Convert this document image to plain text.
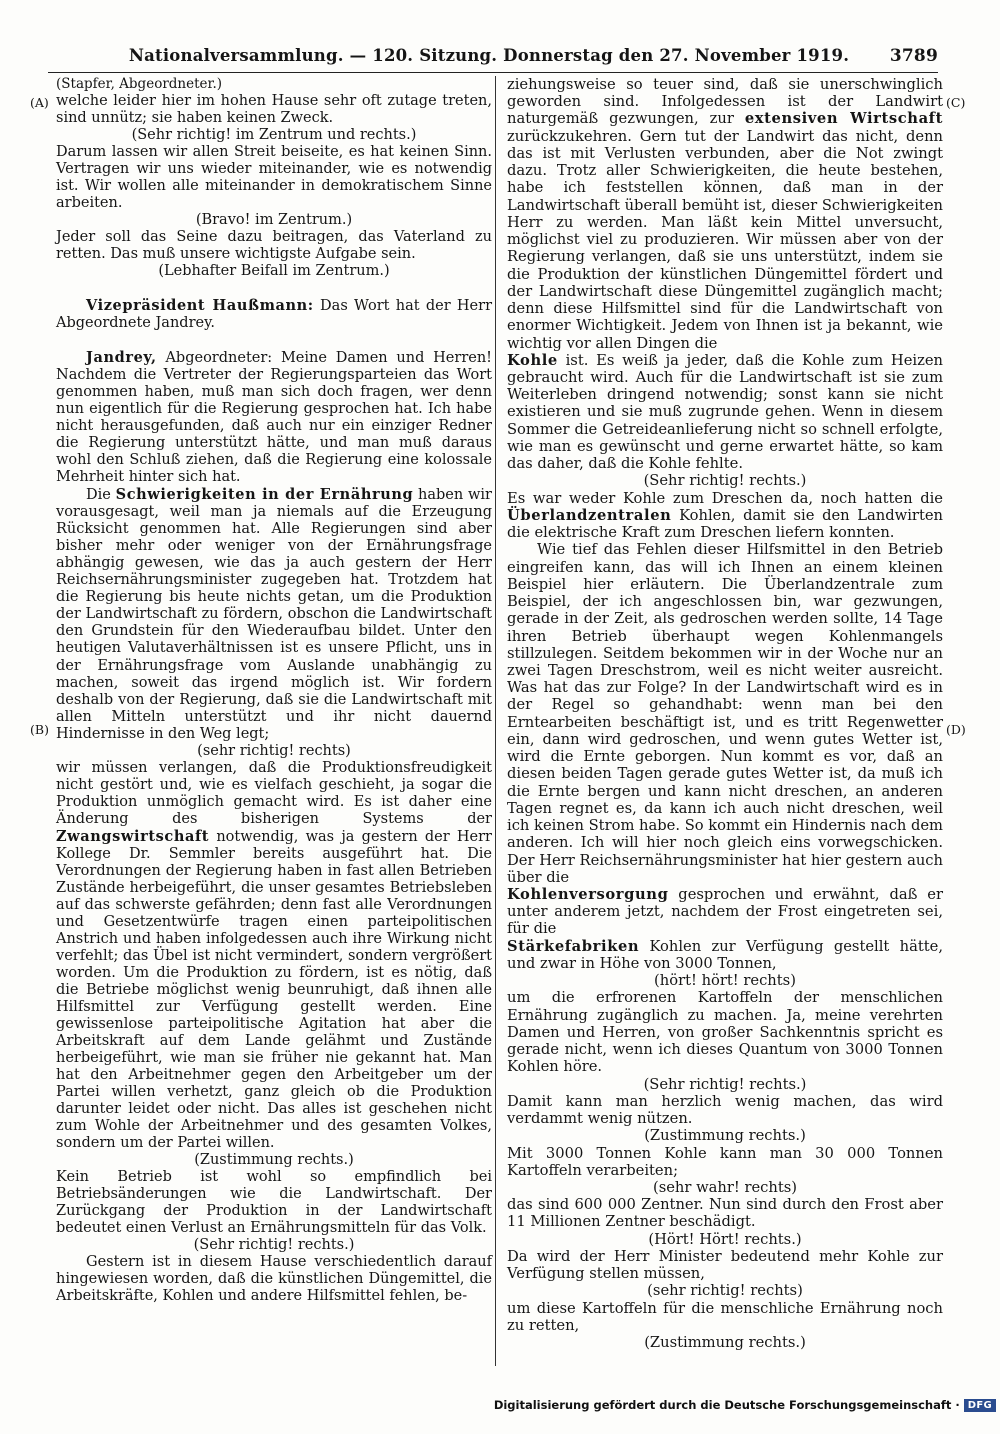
Nationalversammlung. — 120. Sitzung. Donnerstag den 27. November 1919. 3789
(A)
(B)
(C)
(D)

(Stapfer, Abgeordneter.)

welche leider hier im hohen Hause sehr oft zutage treten, sind unnütz; sie haben keinen Zweck.

(Sehr richtig! im Zentrum und rechts.)

Darum lassen wir allen Streit beiseite, es hat keinen Sinn. Vertragen wir uns wieder miteinander, wie es notwendig ist. Wir wollen alle miteinander in demokratischem Sinne arbeiten.

(Bravo! im Zentrum.)

Jeder soll das Seine dazu beitragen, das Vaterland zu retten. Das muß unsere wichtigste Aufgabe sein.

(Lebhafter Beifall im Zentrum.)

Vizepräsident Haußmann: Das Wort hat der Herr Abgeordnete Jandrey.

Jandrey, Abgeordneter: Meine Damen und Herren! Nachdem die Vertreter der Regierungsparteien das Wort genommen haben, muß man sich doch fragen, wer denn nun eigentlich für die Regierung gesprochen hat. Ich habe nicht herausgefunden, daß auch nur ein einziger Redner die Regierung unterstützt hätte, und man muß daraus wohl den Schluß ziehen, daß die Regierung eine kolossale Mehrheit hinter sich hat.

Die Schwierigkeiten in der Ernährung haben wir vorausgesagt, weil man ja niemals auf die Erzeugung Rücksicht genommen hat. Alle Regierungen sind aber bisher mehr oder weniger von der Ernährungsfrage abhängig gewesen, wie das ja auch gestern der Herr Reichsernährungsminister zugegeben hat. Trotzdem hat die Regierung bis heute nichts getan, um die Produktion der Landwirtschaft zu fördern, obschon die Landwirtschaft den Grundstein für den Wiederaufbau bildet. Unter den heutigen Valutaverhältnissen ist es unsere Pflicht, uns in der Ernährungsfrage vom Auslande unabhängig zu machen, soweit das irgend möglich ist. Wir fordern deshalb von der Regierung, daß sie die Landwirtschaft mit allen Mitteln unterstützt und ihr nicht dauernd Hindernisse in den Weg legt;

(sehr richtig! rechts)

wir müssen verlangen, daß die Produktionsfreudigkeit nicht gestört und, wie es vielfach geschieht, ja sogar die Produktion unmöglich gemacht wird. Es ist daher eine Änderung des bisherigen Systems der Zwangswirtschaft notwendig, was ja gestern der Herr Kollege Dr. Semmler bereits ausgeführt hat. Die Verordnungen der Regierung haben in fast allen Betrieben Zustände herbeigeführt, die unser gesamtes Betriebsleben auf das schwerste gefährden; denn fast alle Verordnungen und Gesetzentwürfe tragen einen parteipolitischen Anstrich und haben infolgedessen auch ihre Wirkung nicht verfehlt; das Übel ist nicht vermindert, sondern vergrößert worden. Um die Produktion zu fördern, ist es nötig, daß die Betriebe möglichst wenig beunruhigt, daß ihnen alle Hilfsmittel zur Verfügung gestellt werden. Eine gewissenlose parteipolitische Agitation hat aber die Arbeitskraft auf dem Lande gelähmt und Zustände herbeigeführt, wie man sie früher nie gekannt hat. Man hat den Arbeitnehmer gegen den Arbeitgeber um der Partei willen verhetzt, ganz gleich ob die Produktion darunter leidet oder nicht. Das alles ist geschehen nicht zum Wohle der Arbeitnehmer und des gesamten Volkes, sondern um der Partei willen.

(Zustimmung rechts.)

Kein Betrieb ist wohl so empfindlich bei Betriebsänderungen wie die Landwirtschaft. Der Zurückgang der Produktion in der Landwirtschaft bedeutet einen Verlust an Ernährungsmitteln für das Volk.

(Sehr richtig! rechts.)

Gestern ist in diesem Hause verschiedentlich darauf hingewiesen worden, daß die künstlichen Düngemittel, die Arbeitskräfte, Kohlen und andere Hilfsmittel fehlen, be-

ziehungsweise so teuer sind, daß sie unerschwinglich geworden sind. Infolgedessen ist der Landwirt naturgemäß gezwungen, zur extensiven Wirtschaft zurückzukehren. Gern tut der Landwirt das nicht, denn das ist mit Verlusten verbunden, aber die Not zwingt dazu. Trotz aller Schwierigkeiten, die heute bestehen, habe ich feststellen können, daß man in der Landwirtschaft überall bemüht ist, dieser Schwierigkeiten Herr zu werden. Man läßt kein Mittel unversucht, möglichst viel zu produzieren. Wir müssen aber von der Regierung verlangen, daß sie uns unterstützt, indem sie die Produktion der künstlichen Düngemittel fördert und der Landwirtschaft diese Düngemittel zugänglich macht; denn diese Hilfsmittel sind für die Landwirtschaft von enormer Wichtigkeit. Jedem von Ihnen ist ja bekannt, wie wichtig vor allen Dingen die

Kohle ist. Es weiß ja jeder, daß die Kohle zum Heizen gebraucht wird. Auch für die Landwirtschaft ist sie zum Weiterleben dringend notwendig; sonst kann sie nicht existieren und sie muß zugrunde gehen. Wenn in diesem Sommer die Getreideanlieferung nicht so schnell erfolgte, wie man es gewünscht und gerne erwartet hätte, so kam das daher, daß die Kohle fehlte.

(Sehr richtig! rechts.)

Es war weder Kohle zum Dreschen da, noch hatten die Überlandzentralen Kohlen, damit sie den Landwirten die elektrische Kraft zum Dreschen liefern konnten.

Wie tief das Fehlen dieser Hilfsmittel in den Betrieb eingreifen kann, das will ich Ihnen an einem kleinen Beispiel hier erläutern. Die Überlandzentrale zum Beispiel, der ich angeschlossen bin, war gezwungen, gerade in der Zeit, als gedroschen werden sollte, 14 Tage ihren Betrieb überhaupt wegen Kohlenmangels stillzulegen. Seitdem bekommen wir in der Woche nur an zwei Tagen Dreschstrom, weil es nicht weiter ausreicht. Was hat das zur Folge? In der Landwirtschaft wird es in der Regel so gehandhabt: wenn man bei den Erntearbeiten beschäftigt ist, und es tritt Regenwetter ein, dann wird gedroschen, und wenn gutes Wetter ist, wird die Ernte geborgen. Nun kommt es vor, daß an diesen beiden Tagen gerade gutes Wetter ist, da muß ich die Ernte bergen und kann nicht dreschen, an anderen Tagen regnet es, da kann ich auch nicht dreschen, weil ich keinen Strom habe. So kommt ein Hindernis nach dem anderen. Ich will hier noch gleich eins vorwegschicken. Der Herr Reichsernährungsminister hat hier gestern auch über die

Kohlenversorgung gesprochen und erwähnt, daß er unter anderem jetzt, nachdem der Frost eingetreten sei, für die

Stärkefabriken Kohlen zur Verfügung gestellt hätte, und zwar in Höhe von 3000 Tonnen,

(hört! hört! rechts)

um die erfrorenen Kartoffeln der menschlichen Ernährung zugänglich zu machen. Ja, meine verehrten Damen und Herren, von großer Sachkenntnis spricht es gerade nicht, wenn ich dieses Quantum von 3000 Tonnen Kohlen höre.

(Sehr richtig! rechts.)

Damit kann man herzlich wenig machen, das wird verdammt wenig nützen.

(Zustimmung rechts.)

Mit 3000 Tonnen Kohle kann man 30 000 Tonnen Kartoffeln verarbeiten;

(sehr wahr! rechts)

das sind 600 000 Zentner. Nun sind durch den Frost aber 11 Millionen Zentner beschädigt.

(Hört! Hört! rechts.)

Da wird der Herr Minister bedeutend mehr Kohle zur Verfügung stellen müssen,

(sehr richtig! rechts)

um diese Kartoffeln für die menschliche Ernährung noch zu retten,

(Zustimmung rechts.)

Digitalisierung gefördert durch die Deutsche Forschungsgemeinschaft · DFG
